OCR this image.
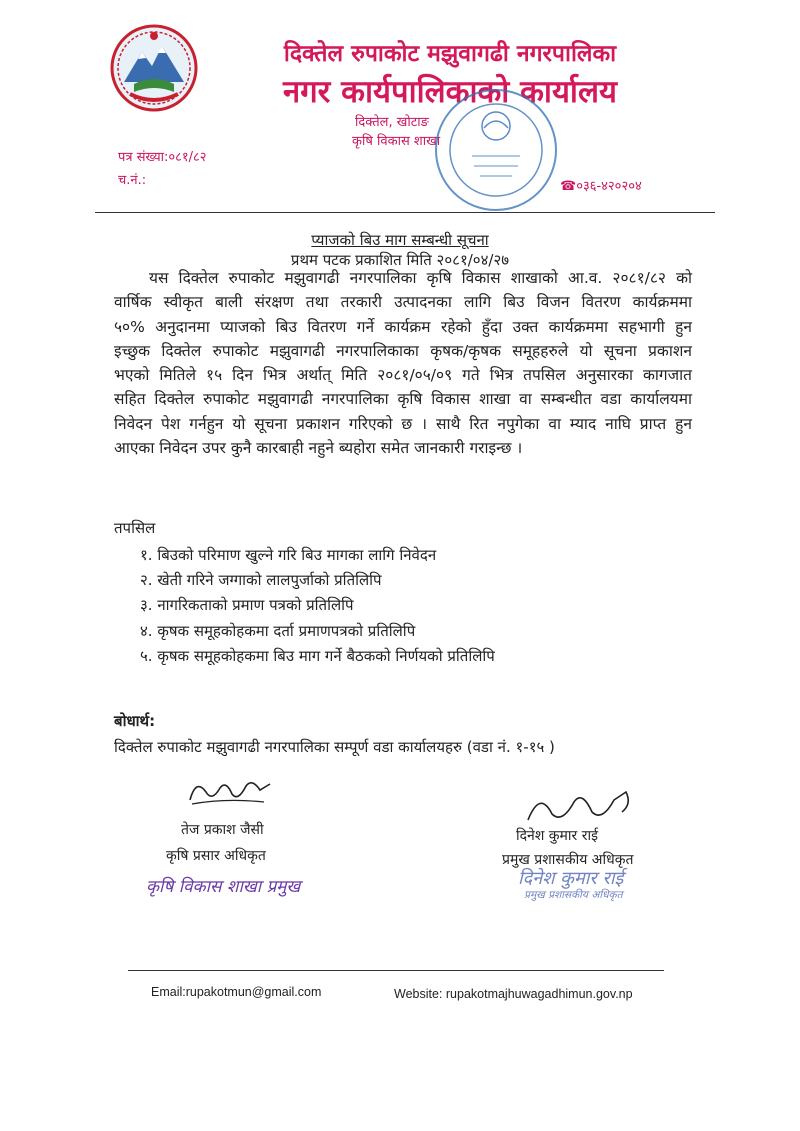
दिक्तेल रुपाकोट मझुवागढी नगरपालिका
नगर कार्यपालिकाको कार्यालय
दिक्तेल, खोटाङ
कृषि विकास शाखा
पत्र संख्या:०८१/८२
च.नं.:	☎०३६-४२०२०४
प्याजको बिउ माग सम्बन्धी सूचना
प्रथम पटक प्रकाशित मिति २०८१/०४/२७
यस दिक्तेल रुपाकोट मझुवागढी नगरपालिका कृषि विकास शाखाको आ.व. २०८१/८२ को
वार्षिक स्वीकृत बाली संरक्षण तथा तरकारी उत्पादनका लागि बिउ विजन वितरण कार्यक्रममा
५०% अनुदानमा प्याजको बिउ वितरण गर्ने कार्यक्रम रहेको हुँदा उक्त कार्यक्रममा सहभागी हुन
इच्छुक दिक्तेल रुपाकोट मझुवागढी नगरपालिकाका कृषक/कृषक समूहहरुले यो सूचना प्रकाशन
भएको मितिले १५ दिन भित्र अर्थात् मिति २०८१/०५/०९ गते भित्र तपसिल अनुसारका कागजात
सहित दिक्तेल रुपाकोट मझुवागढी नगरपालिका कृषि विकास शाखा वा सम्बन्धीत वडा कार्यालयमा
निवेदन पेश गर्नहुन यो सूचना प्रकाशन गरिएको छ । साथै रित नपुगेका वा म्याद नाघि प्राप्त हुन
आएका निवेदन उपर कुनै कारबाही नहुने ब्यहोरा समेत जानकारी गराइन्छ ।
तपसिल
१. बिउको परिमाण खुल्ने गरि बिउ मागका लागि निवेदन
२. खेती गरिने जग्गाको लालपुर्जाको प्रतिलिपि
३. नागरिकताको प्रमाण पत्रको प्रतिलिपि
४. कृषक समूहकोहकमा दर्ता प्रमाणपत्रको प्रतिलिपि
५. कृषक समूहकोहकमा बिउ माग गर्ने बैठकको निर्णयको प्रतिलिपि
बोधार्थ:
दिक्तेल रुपाकोट मझुवागढी नगरपालिका सम्पूर्ण वडा कार्यालयहरु (वडा नं. १-१५ )
तेज प्रकाश जैसी
कृषि प्रसार अधिकृत
कृषि विकास शाखा प्रमुख
दिनेश कुमार राई
प्रमुख प्रशासकीय अधिकृत
दिनेश कुमार राई
प्रमुख प्रशासकीय अधिकृत
Email:rupakotmun@gmail.com	Website: rupakotmajhuwagadhimun.gov.np
